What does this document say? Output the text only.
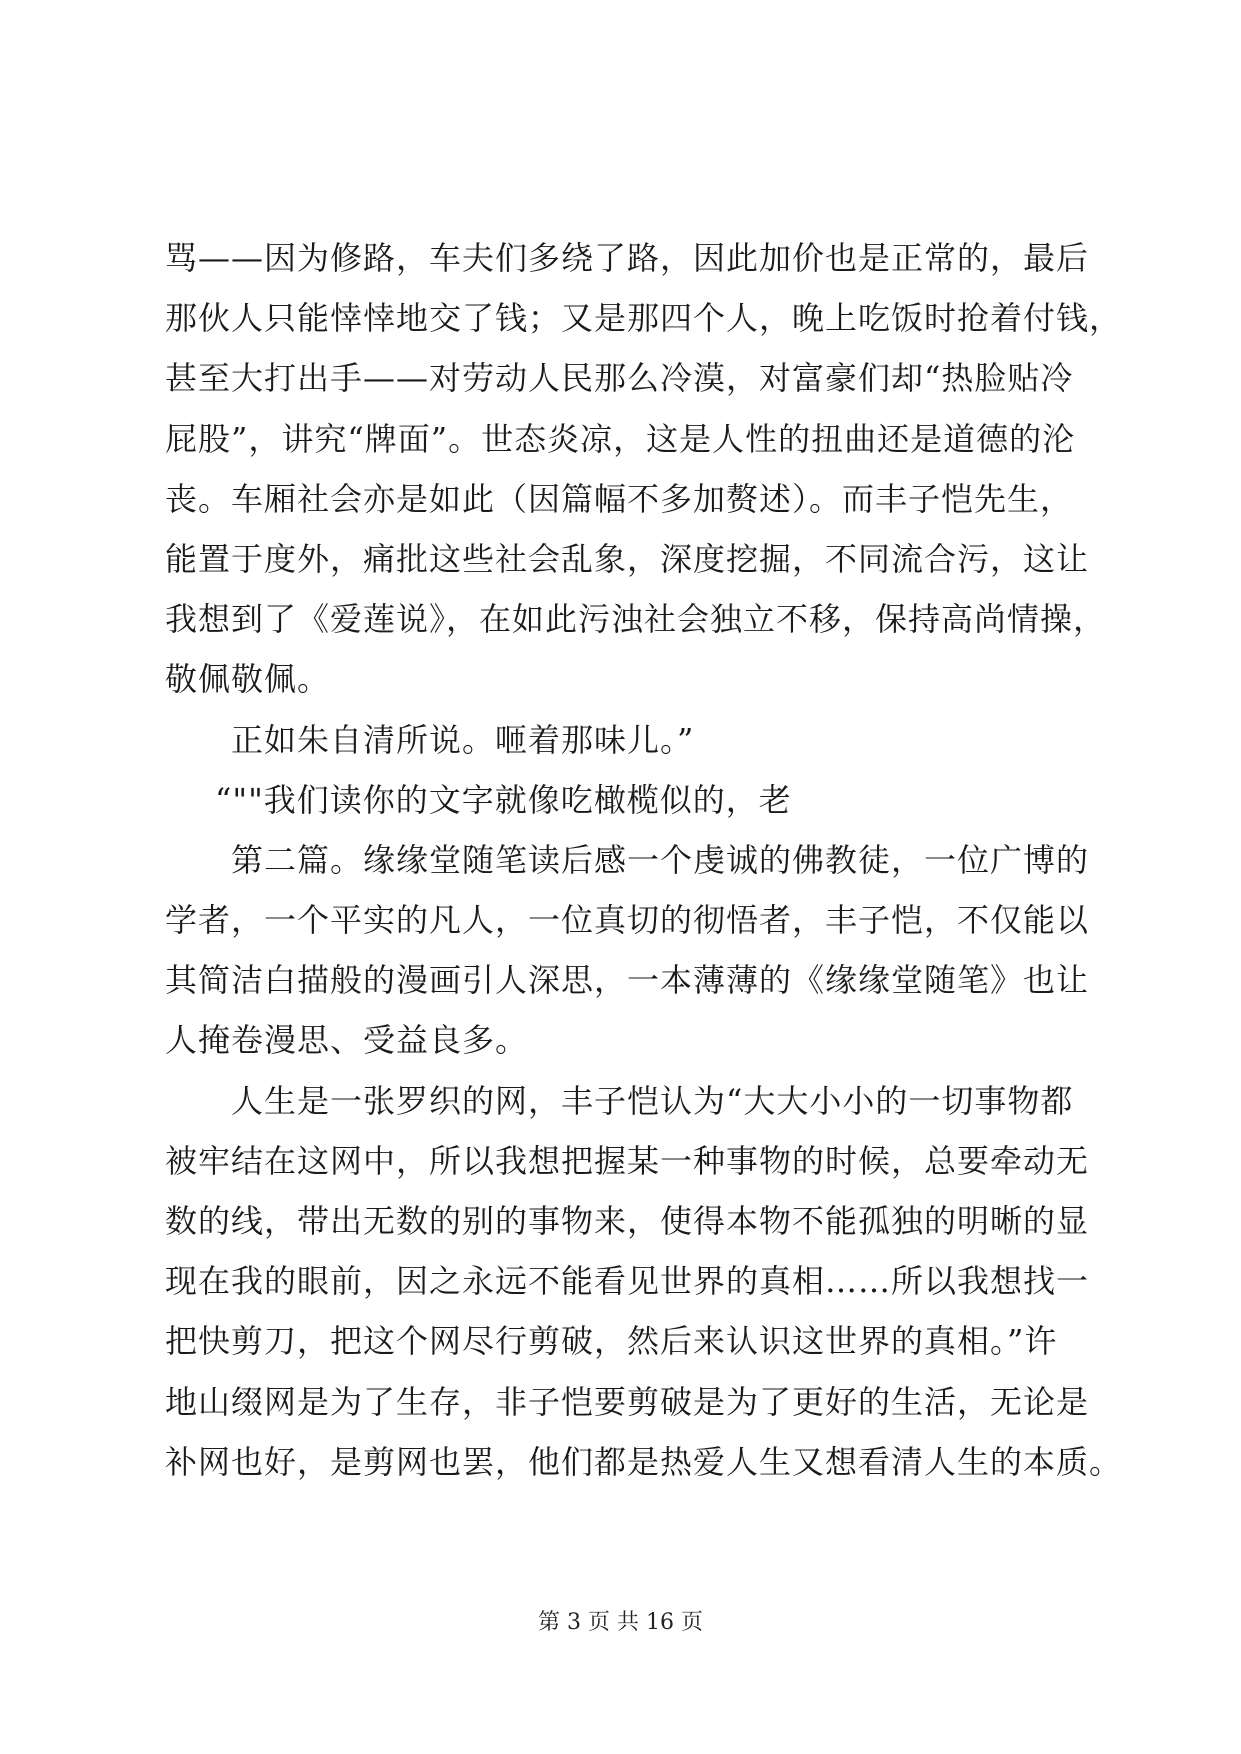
骂——因为修路，车夫们多绕了路，因此加价也是正常的，最后
那伙人只能悻悻地交了钱；又是那四个人，晚上吃饭时抢着付钱，
甚至大打出手——对劳动人民那么冷漠，对富豪们却“热脸贴冷
屁股”，讲究“牌面”。世态炎凉，这是人性的扭曲还是道德的沦
丧。车厢社会亦是如此（因篇幅不多加赘述）。而丰子恺先生，
能置于度外，痛批这些社会乱象，深度挖掘，不同流合污，这让
我想到了《爱莲说》，在如此污浊社会独立不移，保持高尚情操，
敬佩敬佩。
正如朱自清所说。咂着那味儿。”
“""我们读你的文字就像吃橄榄似的，老
第二篇。缘缘堂随笔读后感一个虔诚的佛教徒，一位广博的
学者，一个平实的凡人，一位真切的彻悟者，丰子恺，不仅能以
其简洁白描般的漫画引人深思，一本薄薄的《缘缘堂随笔》也让
人掩卷漫思、受益良多。
人生是一张罗织的网，丰子恺认为“大大小小的一切事物都
被牢结在这网中，所以我想把握某一种事物的时候，总要牵动无
数的线，带出无数的别的事物来，使得本物不能孤独的明晰的显
现在我的眼前，因之永远不能看见世界的真相……所以我想找一
把快剪刀，把这个网尽行剪破，然后来认识这世界的真相。”许
地山缀网是为了生存，非子恺要剪破是为了更好的生活，无论是
补网也好，是剪网也罢，他们都是热爱人生又想看清人生的本质。
第 3 页 共 16 页
